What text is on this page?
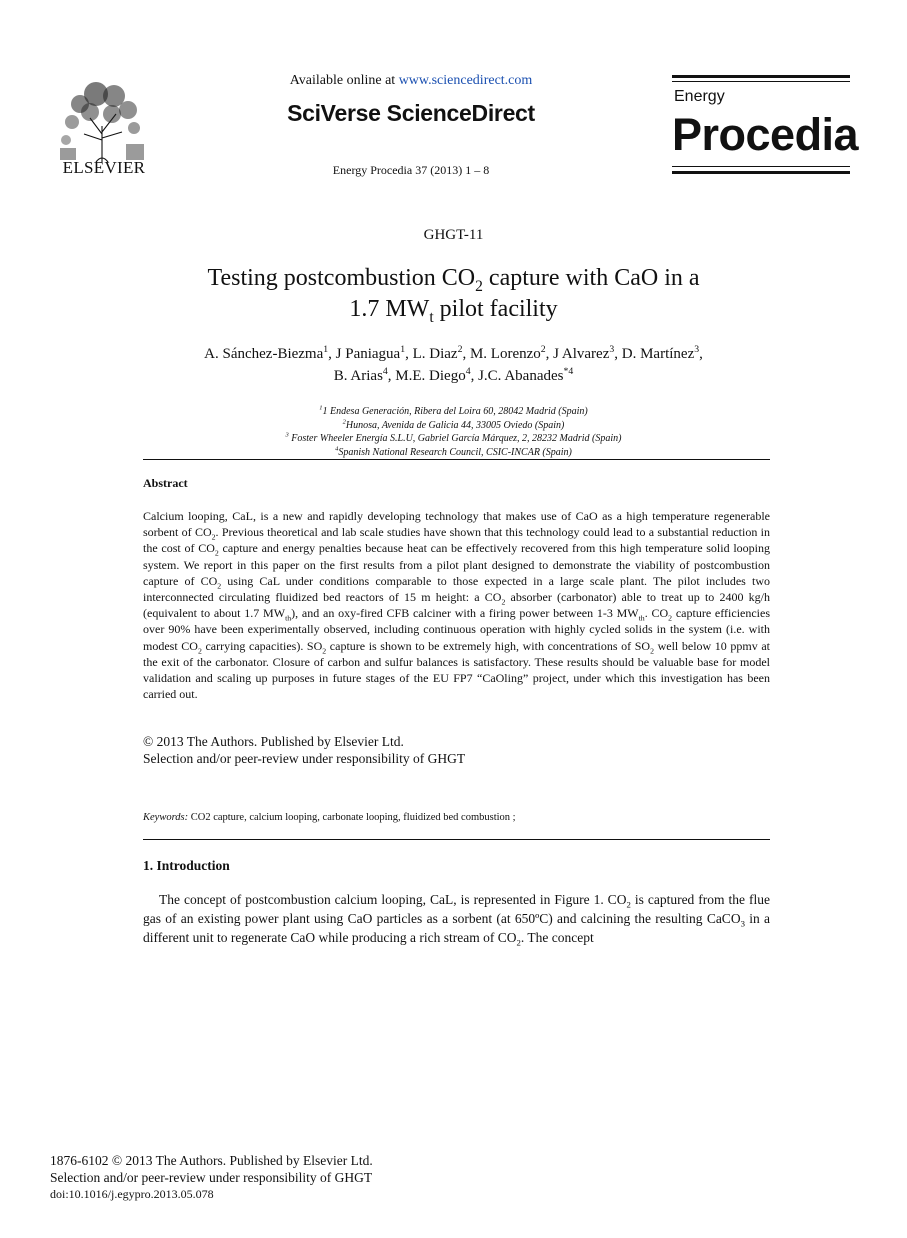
ELSEVIER
Available online at www.sciencedirect.com
SciVerse ScienceDirect
Energy Procedia 37 (2013) 1 – 8
Energy
Procedia
GHGT-11
Testing postcombustion $CO_2$ capture with CaO in a
1.7 $MW_t$ pilot facility
A. Sánchez-Biezma$^1$, J Paniagua$^1$, L. Diaz$^2$, M. Lorenzo$^2$, J Alvarez$^3$, D. Martínez$^3$,
B. Arias$^4$, M.E. Diego$^4$, J.C. Abanades$^{*4}$
$^1$1 Endesa Generación, Ribera del Loira 60, 28042 Madrid (Spain)
$^2$Hunosa, Avenida de Galicia 44, 33005 Oviedo (Spain)
$^3$ Foster Wheeler Energía S.L.U, Gabriel García Márquez, 2, 28232 Madrid (Spain)
$^4$Spanish National Research Council, CSIC-INCAR (Spain)
Abstract
Calcium looping, CaL, is a new and rapidly developing technology that makes use of CaO as a high temperature regenerable sorbent of $CO_2$. Previous theoretical and lab scale studies have shown that this technology could lead to a substantial reduction in the cost of $CO_2$ capture and energy penalties because heat can be effectively recovered from this high temperature solid looping system. We report in this paper on the first results from a pilot plant designed to demonstrate the viability of postcombustion capture of $CO_2$ using CaL under conditions comparable to those expected in a large scale plant. The pilot includes two interconnected circulating fluidized bed reactors of 15 m height: a $CO_2$ absorber (carbonator) able to treat up to 2400 kg/h (equivalent to about 1.7 $MW_{th}$), and an oxy-fired CFB calciner with a firing power between 1-3 $MW_{th}$. $CO_2$ capture efficiencies over 90% have been experimentally observed, including continuous operation with highly cycled solids in the system (i.e. with modest $CO_2$ carrying capacities). $SO_2$ capture is shown to be extremely high, with concentrations of $SO_2$ well below 10 ppmv at the exit of the carbonator. Closure of carbon and sulfur balances is satisfactory. These results should be valuable base for model validation and scaling up purposes in future stages of the EU FP7 “CaOling” project, under which this investigation has been carried out.
© 2013 The Authors. Published by Elsevier Ltd.
Selection and/or peer-review under responsibility of GHGT
Keywords: CO2 capture, calcium looping, carbonate looping, fluidized bed combustion ;
1. Introduction
The concept of postcombustion calcium looping, CaL, is represented in Figure 1. $CO_2$ is captured from the flue gas of an existing power plant using CaO particles as a sorbent (at 650ºC) and calcining the resulting CaCO$_3$ in a different unit to regenerate CaO while producing a rich stream of $CO_2$. The concept
1876-6102 © 2013 The Authors. Published by Elsevier Ltd.
Selection and/or peer-review under responsibility of GHGT
doi:10.1016/j.egypro.2013.05.078
